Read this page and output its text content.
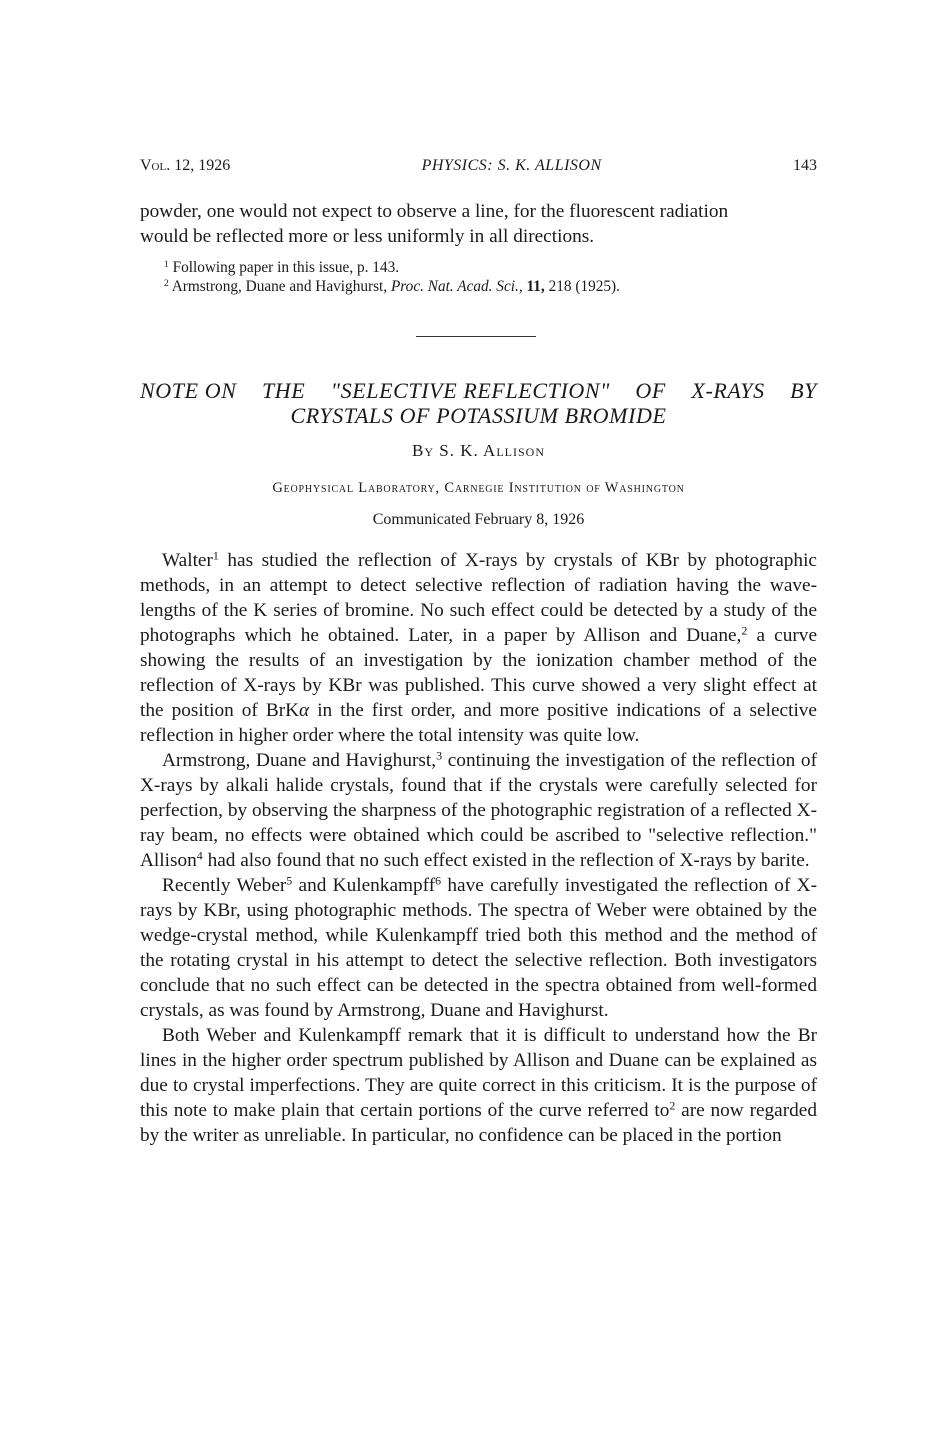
Vol. 12, 1926	PHYSICS: S. K. ALLISON	143

powder, one would not expect to observe a line, for the fluorescent radiation

would be reflected more or less uniformly in all directions.

$^1$ Following paper in this issue, p. 143.

$^2$ Armstrong, Duane and Havighurst, Proc. Nat. Acad. Sci., 11, 218 (1925).

NOTE ON THE "SELECTIVE REFLECTION" OF X-RAYS BY
CRYSTALS OF POTASSIUM BROMIDE
By S. K. Allison
Geophysical Laboratory, Carnegie Institution of Washington
Communicated February 8, 1926

Walter$^1$ has studied the reflection of X-rays by crystals of KBr by photographic methods, in an attempt to detect selective reflection of radiation having the wave-lengths of the K series of bromine. No such effect could be detected by a study of the photographs which he obtained. Later, in a paper by Allison and Duane,$^2$ a curve showing the results of an investigation by the ionization chamber method of the reflection of X-rays by KBr was published. This curve showed a very slight effect at the position of BrKα in the first order, and more positive indications of a selective reflection in higher order where the total intensity was quite low.

Armstrong, Duane and Havighurst,$^3$ continuing the investigation of the reflection of X-rays by alkali halide crystals, found that if the crystals were carefully selected for perfection, by observing the sharpness of the photographic registration of a reflected X-ray beam, no effects were obtained which could be ascribed to "selective reflection." Allison$^4$ had also found that no such effect existed in the reflection of X-rays by barite.

Recently Weber$^5$ and Kulenkampff$^6$ have carefully investigated the reflection of X-rays by KBr, using photographic methods. The spectra of Weber were obtained by the wedge-crystal method, while Kulenkampff tried both this method and the method of the rotating crystal in his attempt to detect the selective reflection. Both investigators conclude that no such effect can be detected in the spectra obtained from well-formed crystals, as was found by Armstrong, Duane and Havighurst.

Both Weber and Kulenkampff remark that it is difficult to understand how the Br lines in the higher order spectrum published by Allison and Duane can be explained as due to crystal imperfections. They are quite correct in this criticism. It is the purpose of this note to make plain that certain portions of the curve referred $to^2$ are now regarded by the writer as unreliable. In particular, no confidence can be placed in the portion
